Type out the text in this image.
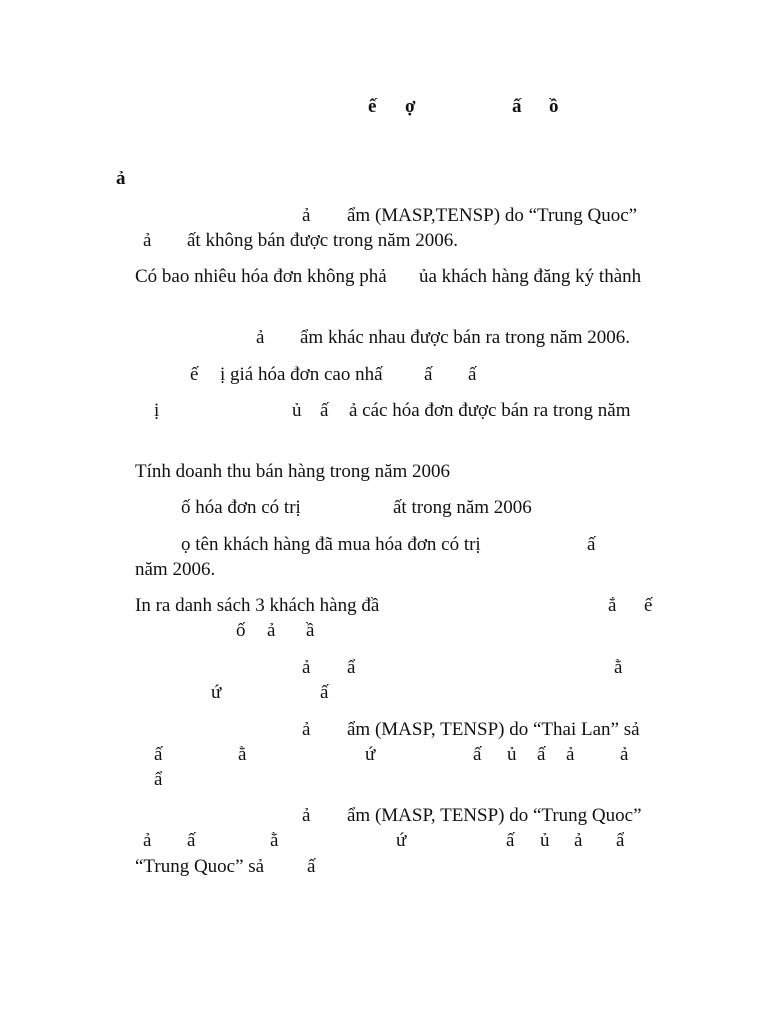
ế ợ	ấ ồ
ả
ả ẩm (MASP,TENSP) do “Trung Quoc”
ả ất không bán được trong năm 2006.
Có bao nhiêu hóa đơn không phả ủa khách hàng đăng ký thành
ả ẩm khác nhau được bán ra trong năm 2006.
ế ị giá hóa đơn cao nhấ ấ ấ
ị	ủ ấ ả các hóa đơn được bán ra trong năm
Tính doanh thu bán hàng trong năm 2006
ố hóa đơn có trị	ất trong năm 2006
ọ tên khách hàng đã mua hóa đơn có trị	ấ
năm 2006.
In ra danh sách 3 khách hàng đầ	ắ ế
ố ả ầ
ả ẩ	ằ
ứ	ấ
ả ẩm (MASP, TENSP) do “Thai Lan” sả
ấ	ằ	ứ	ấ ủ ấ ả ả
ẩ
ả ẩm (MASP, TENSP) do “Trung Quoc”
ả ấ	ằ	ứ	ấ ủ ả ẩ
“Trung Quoc” sả ấ
